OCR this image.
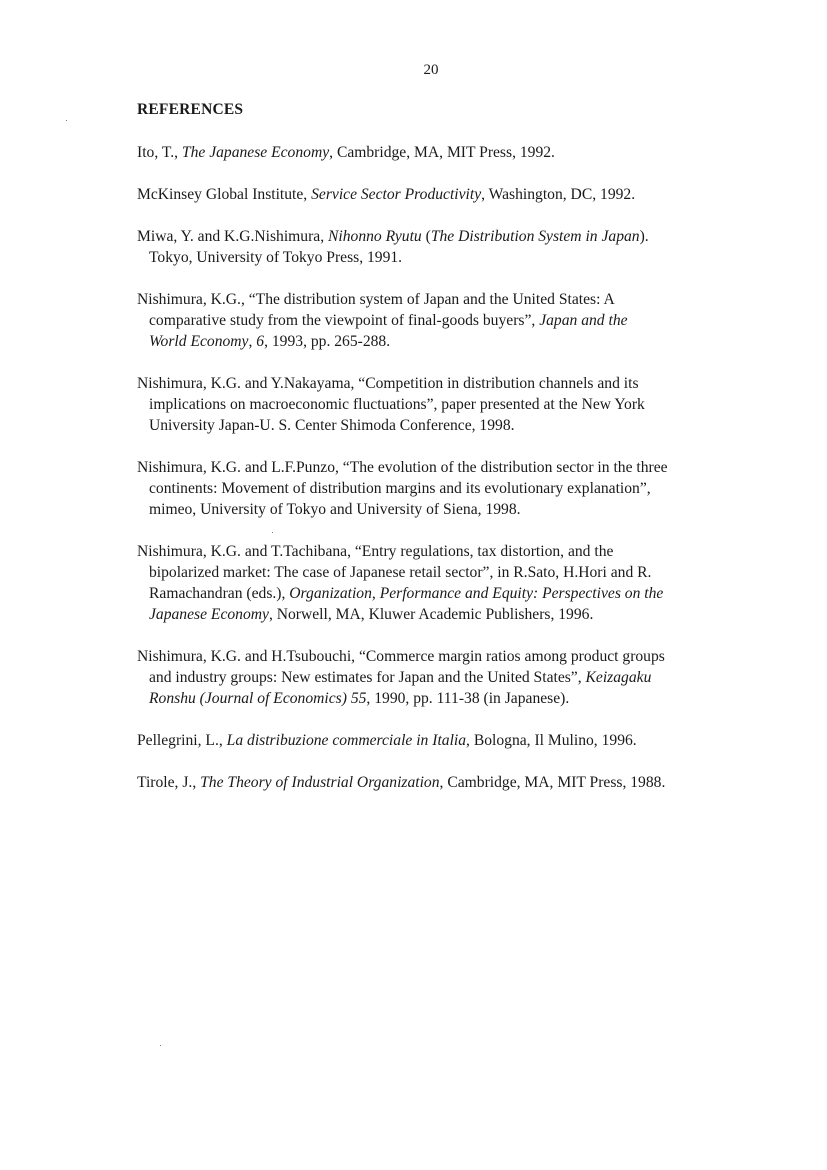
20
REFERENCES
Ito, T., The Japanese Economy, Cambridge, MA, MIT Press, 1992.
McKinsey Global Institute, Service Sector Productivity, Washington, DC, 1992.
Miwa, Y. and K.G.Nishimura, Nihonno Ryutu (The Distribution System in Japan).
Tokyo, University of Tokyo Press, 1991.
Nishimura, K.G., “The distribution system of Japan and the United States: A
comparative study from the viewpoint of final-goods buyers”, Japan and the
World Economy, 6, 1993, pp. 265-288.
Nishimura, K.G. and Y.Nakayama, “Competition in distribution channels and its
implications on macroeconomic fluctuations”, paper presented at the New York
University Japan-U. S. Center Shimoda Conference, 1998.
Nishimura, K.G. and L.F.Punzo, “The evolution of the distribution sector in the three
continents: Movement of distribution margins and its evolutionary explanation”,
mimeo, University of Tokyo and University of Siena, 1998.
Nishimura, K.G. and T.Tachibana, “Entry regulations, tax distortion, and the
bipolarized market: The case of Japanese retail sector”, in R.Sato, H.Hori and R.
Ramachandran (eds.), Organization, Performance and Equity: Perspectives on the
Japanese Economy, Norwell, MA, Kluwer Academic Publishers, 1996.
Nishimura, K.G. and H.Tsubouchi, “Commerce margin ratios among product groups
and industry groups: New estimates for Japan and the United States”, Keizagaku
Ronshu (Journal of Economics) 55, 1990, pp. 111-38 (in Japanese).
Pellegrini, L., La distribuzione commerciale in Italia, Bologna, Il Mulino, 1996.
Tirole, J., The Theory of Industrial Organization, Cambridge, MA, MIT Press, 1988.
